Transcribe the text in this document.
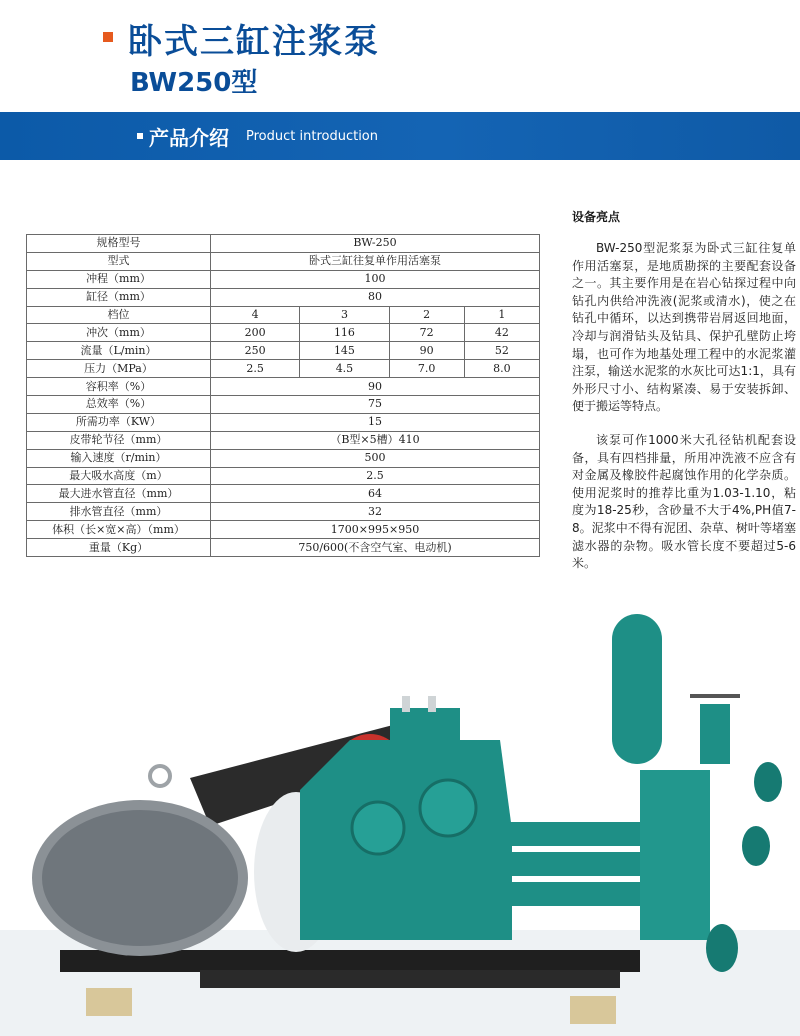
卧式三缸注浆泵
BW250型
产品介绍 Product introduction
规格型号	BW-250			
型式	卧式三缸往复单作用活塞泵			
冲程（mm）	100			
缸径（mm）	80			
档位	4	3	2	1
冲次（mm）	200	116	72	42
流量（L/min）	250	145	90	52
压力（MPa）	2.5	4.5	7.0	8.0
容积率（%）	90			
总效率（%）	75			
所需功率（KW）	15			
皮带轮节径（mm）	（B型×5槽）410			
输入速度（r/min）	500			
最大吸水高度（m）	2.5			
最大进水管直径（mm）	64			
排水管直径（mm）	32			
体积（长×宽×高）（mm）	1700×995×950			
重量（Kg）	750/600(不含空气室、电动机)			
设备亮点

BW-250型泥浆泵为卧式三缸往复单作用活塞泵，是地质勘探的主要配套设备之一。其主要作用是在岩心钻探过程中向钻孔内供给冲洗液(泥浆或清水)，使之在钻孔中循环，以达到携带岩屑返回地面，冷却与润滑钻头及钻具、保护孔壁防止垮塌，也可作为地基处理工程中的水泥浆灌注泵，输送水泥浆的水灰比可达1:1，具有外形尺寸小、结构紧凑、易于安装拆卸、便于搬运等特点。

该泵可作1000米大孔径钻机配套设备，具有四档排量，所用冲洗液不应含有对金属及橡胶件起腐蚀作用的化学杂质。使用泥浆时的推荐比重为1.03-1.10，粘度为18-25秒，含砂量不大于4%,PH值7-8。泥浆中不得有泥团、杂草、树叶等堵塞滤水器的杂物。吸水管长度不要超过5-6米。
